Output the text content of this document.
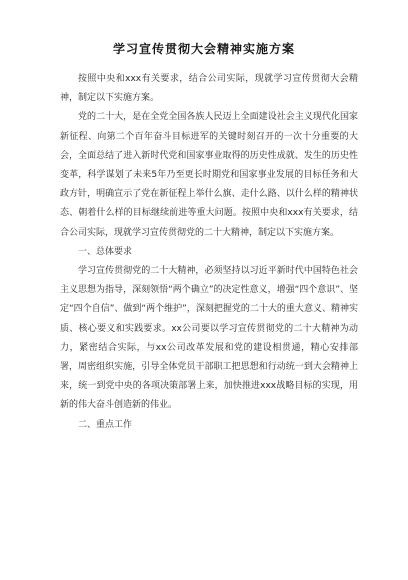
学习宣传贯彻大会精神实施方案

按照中央和xxx有关要求，结合公司实际，现就学习宣传贯彻大会精神，制定以下实施方案。

党的二十大，是在全党全国各族人民迈上全面建设社会主义现代化国家新征程、向第二个百年奋斗目标进军的关键时刻召开的一次十分重要的大会，全面总结了进入新时代党和国家事业取得的历史性成就、发生的历史性变革，科学谋划了未来5年乃至更长时期党和国家事业发展的目标任务和大政方针，明确宣示了党在新征程上举什么旗、走什么路、以什么样的精神状态、朝着什么样的目标继续前进等重大问题。按照中央和xxx有关要求，结合公司实际，现就学习宣传贯彻党的二十大精神，制定以下实施方案。

一、总体要求

学习宣传贯彻党的二十大精神，必须坚持以习近平新时代中国特色社会主义思想为指导，深刻领悟“两个确立”的决定性意义，增强“四个意识”、坚定“四个自信”、做到“两个维护”，深刻把握党的二十大的重大意义、精神实质、核心要义和实践要求。xx公司要以学习宣传贯彻党的二十大精神为动力，紧密结合实际，与xx公司改革发展和党的建设相贯通，精心安排部署，周密组织实施，引导全体党员干部职工把思想和行动统一到大会精神上来，统一到党中央的各项决策部署上来，加快推进xxx战略目标的实现，用新的伟大奋斗创造新的伟业。

二、重点工作
